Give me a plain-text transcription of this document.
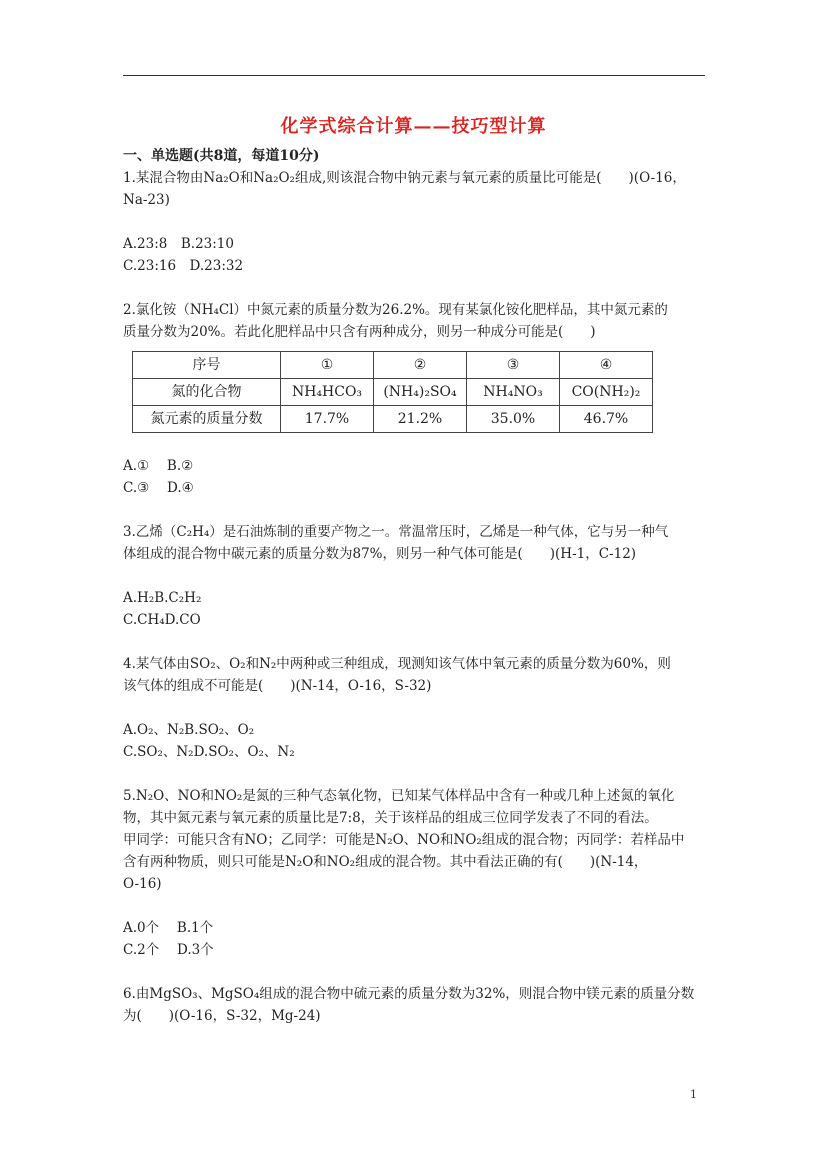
化学式综合计算——技巧型计算

一、单选题(共8道，每道10分)

1.某混合物由Na₂O和Na₂O₂组成,则该混合物中钠元素与氧元素的质量比可能是(　　)(O-16，

Na-23)

A.23:8　B.23:10

C.23:16　D.23:32

2.氯化铵（NH₄Cl）中氮元素的质量分数为26.2%。现有某氯化铵化肥样品，其中氮元素的

质量分数为20%。若此化肥样品中只含有两种成分，则另一种成分可能是(　　)

序号	①	②	③	④
氮的化合物	NH₄HCO₃	(NH₄)₂SO₄	NH₄NO₃	CO(NH₂)₂
氮元素的质量分数	17.7%	21.2%	35.0%	46.7%

A.①　 B.②

C.③　 D.④

3.乙烯（C₂H₄）是石油炼制的重要产物之一。常温常压时，乙烯是一种气体，它与另一种气

体组成的混合物中碳元素的质量分数为87%，则另一种气体可能是(　　)(H-1，C-12)

A.H₂B.C₂H₂

C.CH₄D.CO

4.某气体由SO₂、O₂和N₂中两种或三种组成，现测知该气体中氧元素的质量分数为60%，则

该气体的组成不可能是(　　)(N-14，O-16，S-32)

A.O₂、N₂B.SO₂、O₂

C.SO₂、N₂D.SO₂、O₂、N₂

5.N₂O、NO和NO₂是氮的三种气态氧化物，已知某气体样品中含有一种或几种上述氮的氧化

物，其中氮元素与氧元素的质量比是7:8，关于该样品的组成三位同学发表了不同的看法。

甲同学：可能只含有NO；乙同学：可能是N₂O、NO和NO₂组成的混合物；丙同学：若样品中

含有两种物质，则只可能是N₂O和NO₂组成的混合物。其中看法正确的有(　　)(N-14，

O-16)

A.0个　 B.1个

C.2个　 D.3个

6.由MgSO₃、MgSO₄组成的混合物中硫元素的质量分数为32%，则混合物中镁元素的质量分数

为(　　)(O-16，S-32，Mg-24)

1
